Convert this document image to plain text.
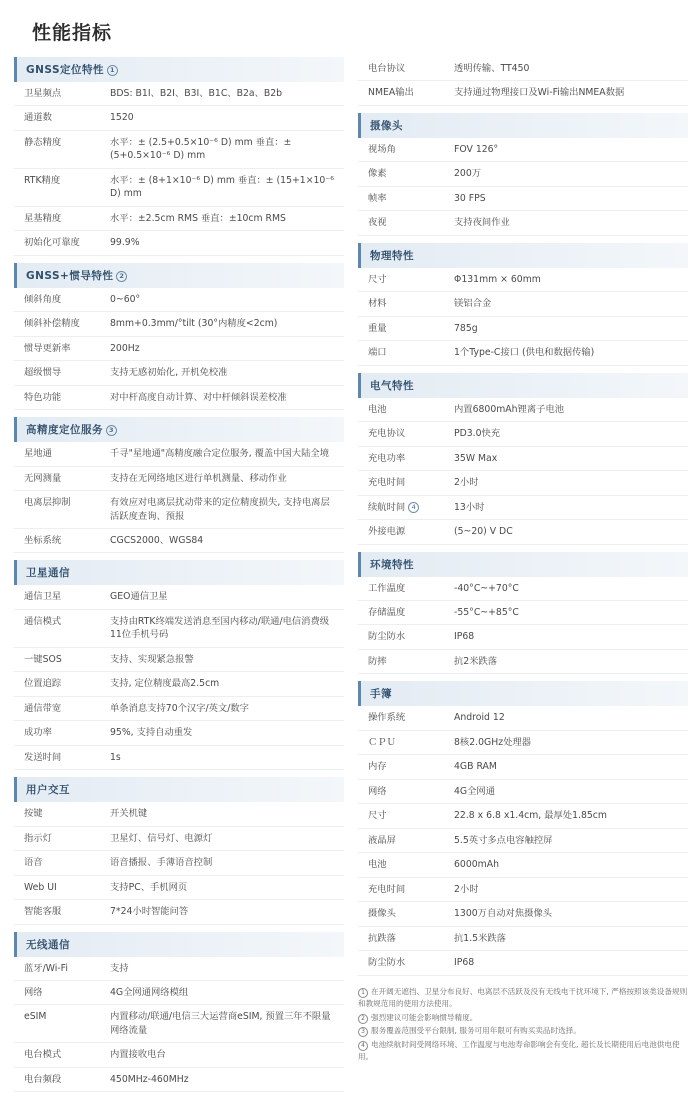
性能指标
GNSS定位特性 1
卫星频点	BDS: B1I、B2I、B3I、B1C、B2a、B2b
通道数	1520
静态精度	水平：± (2.5+0.5×10⁻⁶ D) mm 垂直：± (5+0.5×10⁻⁶ D) mm
RTK精度	水平：± (8+1×10⁻⁶ D) mm 垂直：± (15+1×10⁻⁶ D) mm
星基精度	水平：±2.5cm RMS 垂直：±10cm RMS
初始化可靠度	99.9%
GNSS+惯导特性 2
倾斜角度	0~60°
倾斜补偿精度	8mm+0.3mm/°tilt (30°内精度<2cm)
惯导更新率	200Hz
超级惯导	支持无感初始化, 开机免校准
特色功能	对中杆高度自动计算、对中杆倾斜误差校准
高精度定位服务 3
星地通	千寻"星地通"高精度融合定位服务, 覆盖中国大陆全境
无网测量	支持在无网络地区进行单机测量、移动作业
电离层抑制	有效应对电离层扰动带来的定位精度损失, 支持电离层活跃度查询、预报
坐标系统	CGCS2000、WGS84
卫星通信
通信卫星	GEO通信卫星
通信模式	支持由RTK终端发送消息至国内移动/联通/电信消费级11位手机号码
一键SOS	支持、实现紧急报警
位置追踪	支持, 定位精度最高2.5cm
通信带宽	单条消息支持70个汉字/英文/数字
成功率	95%, 支持自动重发
发送时间	1s
用户交互
按键	开关机键
指示灯	卫星灯、信号灯、电源灯
语音	语音播报、手薄语音控制
Web UI	支持PC、手机网页
智能客服	7*24小时智能问答
无线通信
蓝牙/Wi-Fi	支持
网络	4G全网通网络模组
eSIM	内置移动/联通/电信三大运营商eSIM, 预置三年不限量网络流量
电台模式	内置接收电台
电台频段	450MHz-460MHz
电台协议	透明传输、TT450
NMEA输出	支持通过物理接口及Wi-Fi输出NMEA数据
摄像头
视场角	FOV 126°
像素	200万
帧率	30 FPS
夜视	支持夜间作业
物理特性
尺寸	Φ131mm × 60mm
材料	镁铝合金
重量	785g
端口	1个Type-C接口 (供电和数据传输)
电气特性
电池	内置6800mAh锂离子电池
充电协议	PD3.0快充
充电功率	35W Max
充电时间	2小时
续航时间 4	13小时
外接电源	(5~20) V DC
环境特性
工作温度	-40°C~+70°C
存储温度	-55°C~+85°C
防尘防水	IP68
防摔	抗2米跌落
手簿
操作系统	Android 12
ＣＰＵ	8核2.0GHz处理器
内存	4GB RAM
网络	4G全网通
尺寸	22.8 x 6.8 x1.4cm, 最厚处1.85cm
液晶屏	5.5英寸多点电容触控屏
电池	6000mAh
充电时间	2小时
摄像头	1300万自动对焦摄像头
抗跌落	抗1.5米跌落
防尘防水	IP68
1 在开阔无遮挡、卫星分布良好、电离层不活跃及没有无线电干扰环境下, 严格按照该类设备规则和教规范用的使用方法使用。
2 强烈建议可能会影响惯导精度。
3 服务覆盖范围受平台限制, 服务可用年限可有购买卖品时选择。
4 电池续航时间受网络环境、工作温度与电池寿命影响会有变化, 超长及长期使用后电池供电使用。
